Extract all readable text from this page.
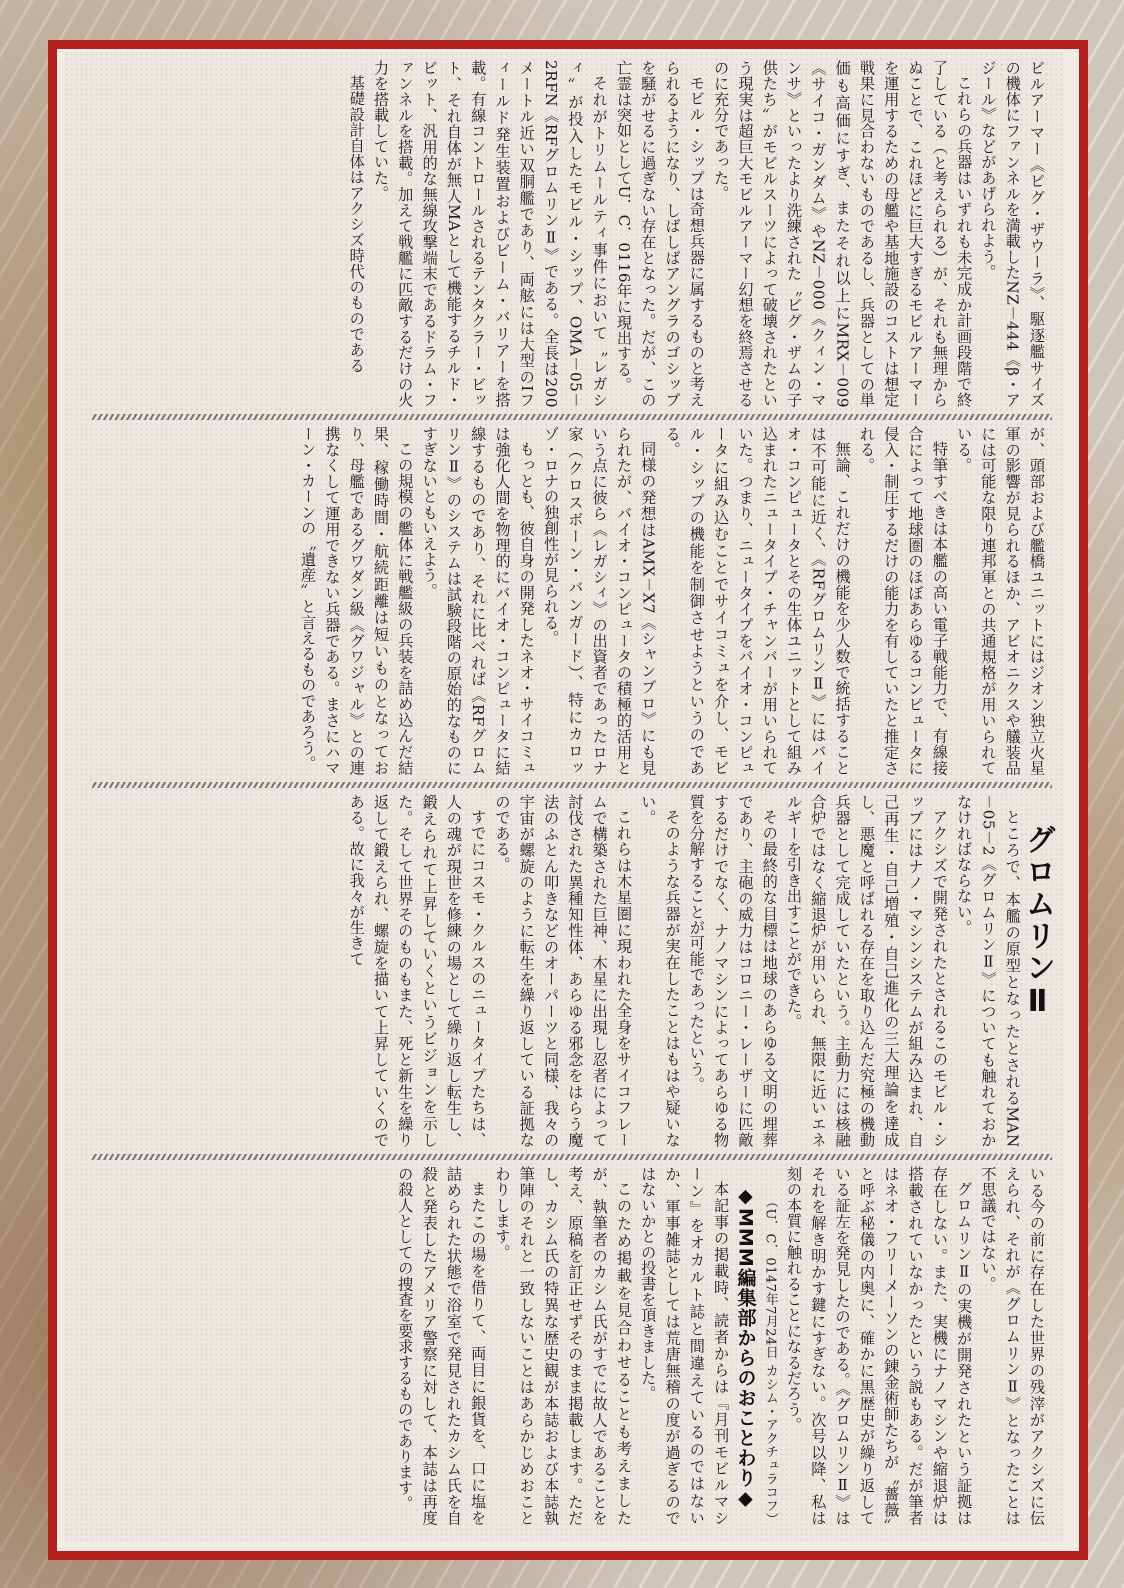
ビルアーマー《ビグ・ザウーラ》、駆逐艦サイズの機体にファンネルを満載したNZ－444《β・アジール》などがあげられよう。

これらの兵器はいずれも未完成か計画段階で終了している（と考えられる）が、それも無理からぬことで、これほどに巨大すぎるモビルアーマーを運用するための母艦や基地施設のコストは想定戦果に見合わないものであるし、兵器としての単価も高価にすぎ、またそれ以上にMRX－009《サイコ・ガンダム》やNZ－000《クィン・マンサ》といったより洗練された〝ビグ・ザムの子供たち〟がモビルスーツによって破壊されたという現実は超巨大モビルアーマー幻想を終焉させるのに充分であった。

モビル・シップは奇想兵器に属するものと考えられるようになり、しばしばアングラのゴシップを騒がせるに過ぎない存在となった。だが、この亡霊は突如としてU．C．0116年に現出する。

それがトリムールティ事件において〝レガシィ〟が投入したモビル・シップ、OMA－05－2RFN《RFグロムリンⅡ》である。全長は200メートル近い双胴艦であり、両舷には大型のIフィールド発生装置およびビーム・バリアーを搭載。有線コントロールされるテンタクラー・ビット、それ自体が無人MAとして機能するチルド・ビット、汎用的な無線攻撃端末であるドラム・ファンネルを搭載。加えて戦艦に匹敵するだけの火力を搭載していた。

基礎設計自体はアクシズ時代のものである

が、頭部および艦橋ユニットにはジオン独立火星軍の影響が見られるほか、アビオニクスや艤装品には可能な限り連邦軍との共通規格が用いられている。

特筆すべきは本艦の高い電子戦能力で、有線接合によって地球圏のほぼあらゆるコンピュータに侵入・制圧するだけの能力を有していたと推定される。

無論、これだけの機能を少人数で統括することは不可能に近く、《RFグロムリンⅡ》にはバイオ・コンピュータとその生体ユニットとして組み込まれたニュータイプ・チャンバーが用いられていた。つまり、ニュータイプをバイオ・コンピュータに組み込むことでサイコミュを介し、モビル・シップの機能を制御させようというのである。

同様の発想はAMX－X7《シャンブロ》にも見られたが、バイオ・コンピュータの積極的活用という点に彼ら《レガシィ》の出資者であったロナ家（クロスボーン・バンガード）、特にカロッゾ・ロナの独創性が見られる。

もっとも、彼自身の開発したネオ・サイコミュは強化人間を物理的にバイオ・コンピュータに結線するものであり、それに比べれば《RFグロムリンⅡ》のシステムは試験段階の原始的なものにすぎないともいえよう。

この規模の艦体に戦艦級の兵装を詰め込んだ結果、稼働時間・航続距離は短いものとなっており、母艦であるグワダン級《グワジャル》との連携なくして運用できない兵器である。まさにハマーン・カーンの〝遺産〟と言えるものであろう。

グロムリンⅡ

ところで、本艦の原型となったとされるMAN－05－2《グロムリンⅡ》についても触れておかなければならない。

アクシズで開発されたとされるこのモビル・シップにはナノ・マシンシステムが組み込まれ、自己再生・自己増殖・自己進化の三大理論を達成し、悪魔と呼ばれる存在を取り込んだ究極の機動兵器として完成していたという。主動力には核融合炉ではなく縮退炉が用いられ、無限に近いエネルギーを引き出すことができた。

その最終的な目標は地球のあらゆる文明の埋葬であり、主砲の威力はコロニー・レーザーに匹敵するだけでなく、ナノマシンによってあらゆる物質を分解することが可能であったという。

そのような兵器が実在したことはもはや疑いない。

これらは木星圏に現われた全身をサイコフレームで構築された巨神、木星に出現し忍者によって討伐された異種知性体、あらゆる邪念をはらう魔法のふとん叩きなどのオーパーツと同様、我々の宇宙が螺旋のように転生を繰り返している証拠なのである。

すでにコスモ・クルスのニュータイプたちは、人の魂が現世を修練の場として繰り返し転生し、鍛えられて上昇していくというビジョンを示した。そして世界そのものもまた、死と新生を繰り返して鍛えられ、螺旋を描いて上昇していくのである。故に我々が生きて

いる今の前に存在した世界の残滓がアクシズに伝えられ、それが《グロムリンⅡ》となったことは不思議ではない。

グロムリンⅡの実機が開発されたという証拠は存在しない。また、実機にナノマシンや縮退炉は搭載されていなかったという説もある。だが筆者はネオ・フリーメーソンの錬金術師たちが〝薔薇〟と呼ぶ秘儀の内奥に、確かに黒歴史が繰り返している証左を発見したのである。《グロムリンⅡ》はそれを解き明かす鍵にすぎない。次号以降、私は刻の本質に触れることになるだろう。

（U．C．0147年7月24日 カシム・アクチュラコフ）

◆MMM編集部からのおことわり◆

本記事の掲載時、読者からは『月刊モビルマシーン』をオカルト誌と間違えているのではないか、軍事雑誌としては荒唐無稽の度が過ぎるのではないかとの投書を頂きました。

このため掲載を見合わせることも考えましたが、執筆者のカシム氏がすでに故人であることを考え、原稿を訂正せずそのまま掲載します。ただし、カシム氏の特異な歴史観が本誌および本誌執筆陣のそれと一致しないことはあらかじめおことわりします。

またこの場を借りて、両目に銀貨を、口に塩を詰められた状態で浴室で発見されたカシム氏を自殺と発表したアメリア警察に対して、本誌は再度の殺人としての捜査を要求するものであります。
